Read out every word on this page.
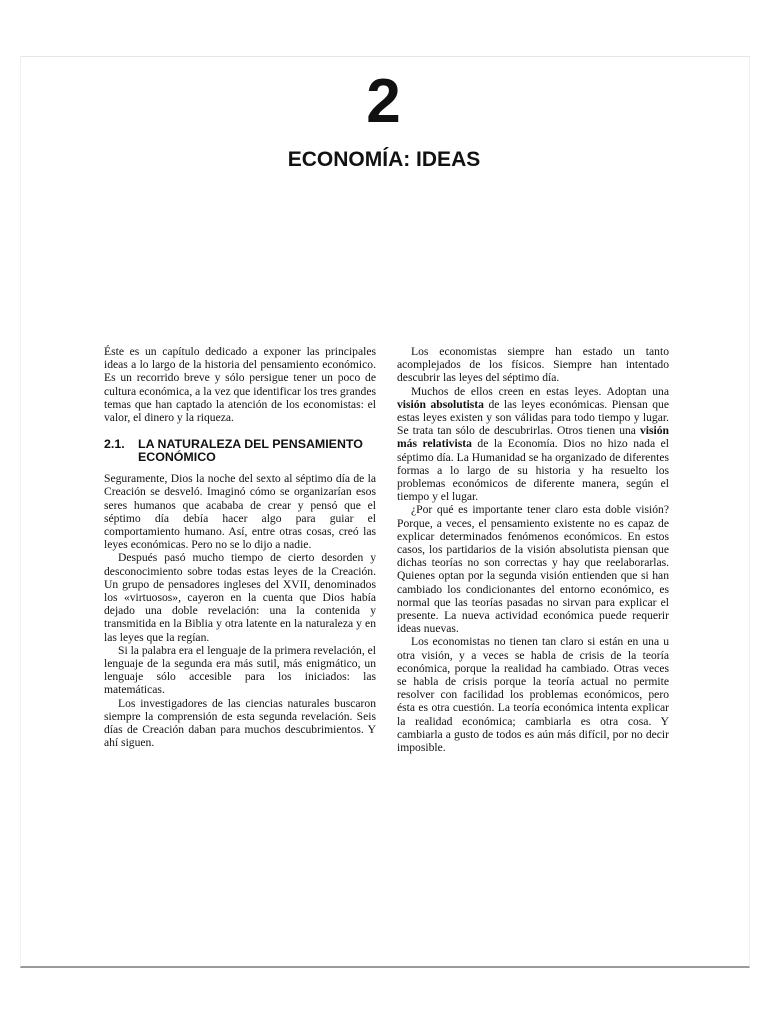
2
ECONOMÍA: IDEAS

Éste es un capítulo dedicado a exponer las principales ideas a lo largo de la historia del pensamiento económico. Es un recorrido breve y sólo persigue tener un poco de cultura económica, a la vez que identificar los tres grandes temas que han captado la atención de los economistas: el valor, el dinero y la riqueza.

2.1.	LA NATURALEZA DEL PENSAMIENTO ECONÓMICO

Seguramente, Dios la noche del sexto al séptimo día de la Creación se desveló. Imaginó cómo se organizarían esos seres humanos que acababa de crear y pensó que el séptimo día debía hacer algo para guiar el comportamiento humano. Así, entre otras cosas, creó las leyes económicas. Pero no se lo dijo a nadie.

Después pasó mucho tiempo de cierto desorden y desconocimiento sobre todas estas leyes de la Creación. Un grupo de pensadores ingleses del XVII, denominados los «virtuosos», cayeron en la cuenta que Dios había dejado una doble revelación: una la contenida y transmitida en la Biblia y otra latente en la naturaleza y en las leyes que la regían.

Si la palabra era el lenguaje de la primera revelación, el lenguaje de la segunda era más sutil, más enigmático, un lenguaje sólo accesible para los iniciados: las matemáticas.

Los investigadores de las ciencias naturales buscaron siempre la comprensión de esta segunda revelación. Seis días de Creación daban para muchos descubrimientos. Y ahí siguen.

Los economistas siempre han estado un tanto acomplejados de los físicos. Siempre han intentado descubrir las leyes del séptimo día.

Muchos de ellos creen en estas leyes. Adoptan una visión absolutista de las leyes económicas. Piensan que estas leyes existen y son válidas para todo tiempo y lugar. Se trata tan sólo de descubrirlas. Otros tienen una visión más relativista de la Economía. Dios no hizo nada el séptimo día. La Humanidad se ha organizado de diferentes formas a lo largo de su historia y ha resuelto los problemas económicos de diferente manera, según el tiempo y el lugar.

¿Por qué es importante tener claro esta doble visión? Porque, a veces, el pensamiento existente no es capaz de explicar determinados fenómenos económicos. En estos casos, los partidarios de la visión absolutista piensan que dichas teorías no son correctas y hay que reelaborarlas. Quienes optan por la segunda visión entienden que si han cambiado los condicionantes del entorno económico, es normal que las teorías pasadas no sirvan para explicar el presente. La nueva actividad económica puede requerir ideas nuevas.

Los economistas no tienen tan claro si están en una u otra visión, y a veces se habla de crisis de la teoría económica, porque la realidad ha cambiado. Otras veces se habla de crisis porque la teoría actual no permite resolver con facilidad los problemas económicos, pero ésta es otra cuestión. La teoría económica intenta explicar la realidad económica; cambiarla es otra cosa. Y cambiarla a gusto de todos es aún más difícil, por no decir imposible.
